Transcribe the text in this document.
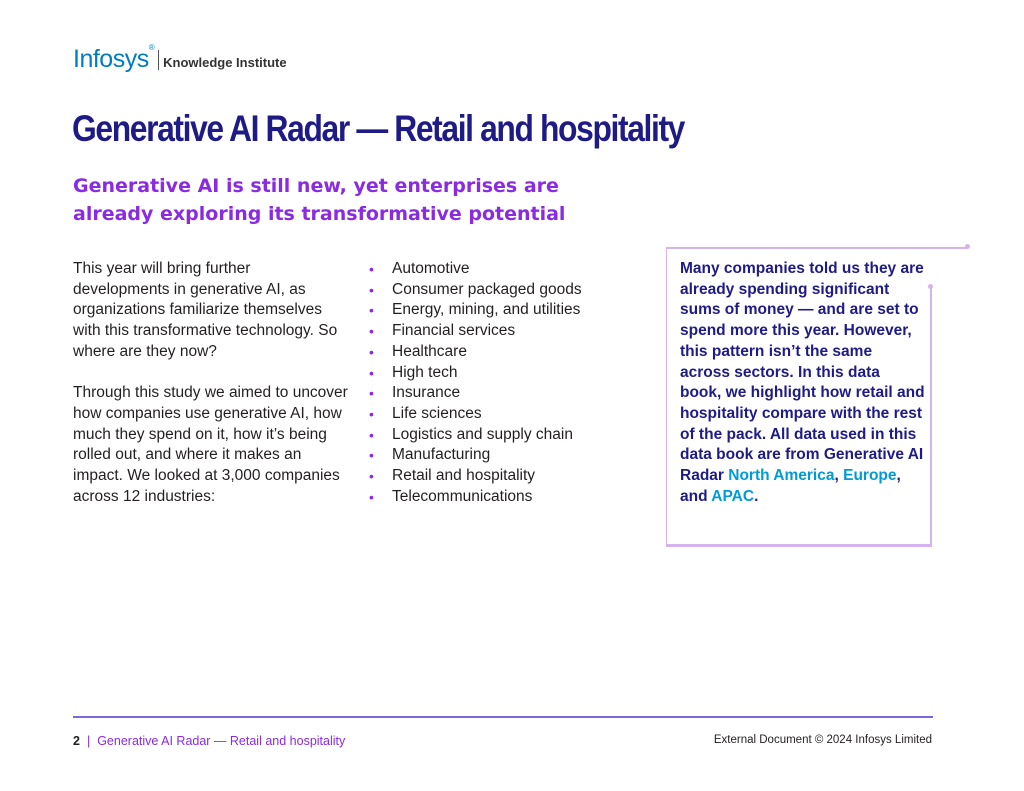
Infosys®
Knowledge Institute
Generative AI Radar — Retail and hospitality
Generative AI is still new, yet enterprises are already exploring its transformative potential

This year will bring further developments in generative AI, as organizations familiarize themselves with this transformative technology. So where are they now?

Through this study we aimed to uncover how companies use generative AI, how much they spend on it, how it’s being rolled out, and where it makes an impact. We looked at 3,000 companies across 12 industries:

• Automotive
• Consumer packaged goods
• Energy, mining, and utilities
• Financial services
• Healthcare
• High tech
• Insurance
• Life sciences
• Logistics and supply chain
• Manufacturing
• Retail and hospitality
• Telecommunications

Many companies told us they are already spending significant sums of money — and are set to spend more this year. However, this pattern isn’t the same across sectors. In this data book, we highlight how retail and hospitality compare with the rest of the pack. All data used in this data book are from Generative AI Radar North America, Europe, and APAC.

2 | Generative AI Radar — Retail and hospitality	External Document © 2024 Infosys Limited
